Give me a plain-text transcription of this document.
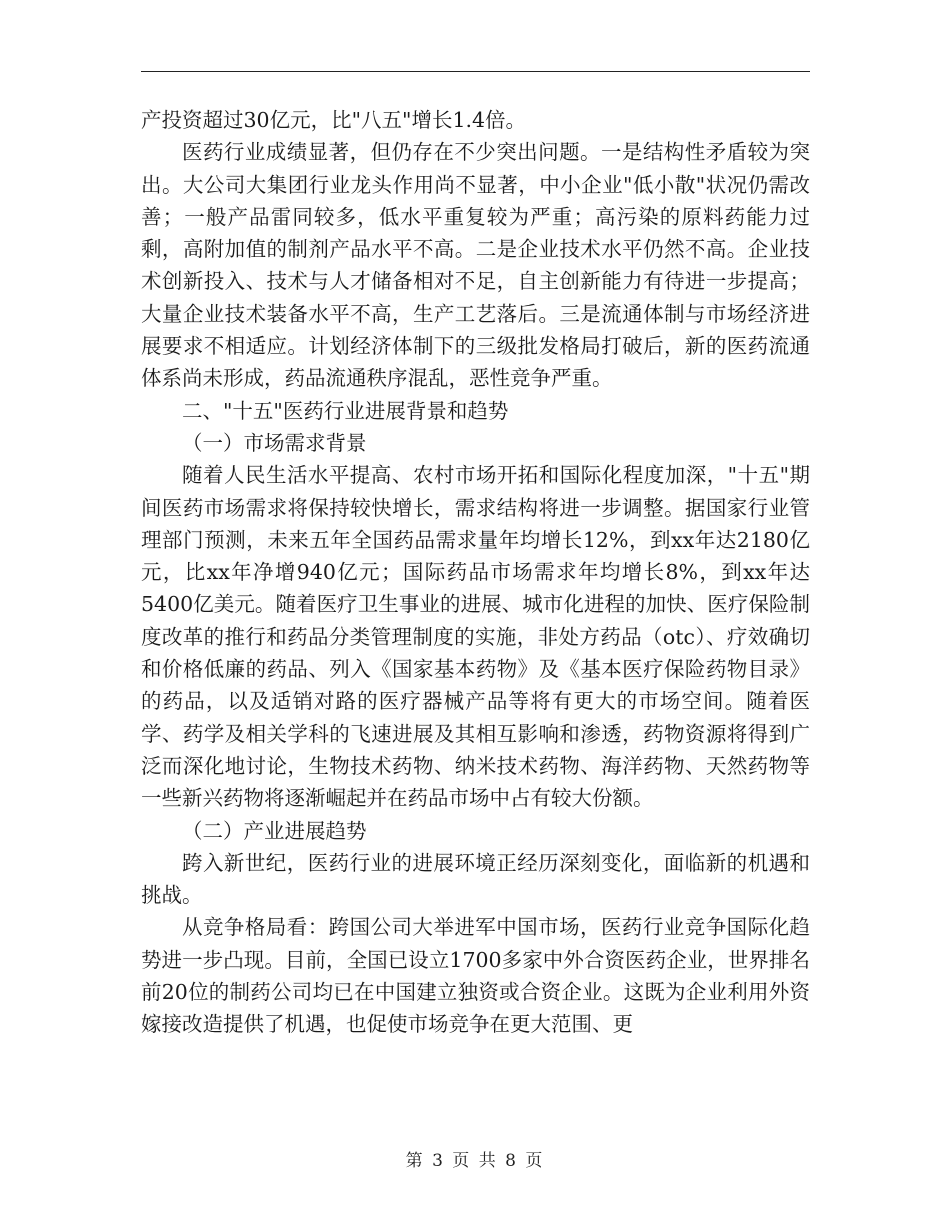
产投资超过30亿元，比"八五"增长1.4倍。

医药行业成绩显著，但仍存在不少突出问题。一是结构性矛盾较为突出。大公司大集团行业龙头作用尚不显著，中小企业"低小散"状况仍需改善；一般产品雷同较多，低水平重复较为严重；高污染的原料药能力过剩，高附加值的制剂产品水平不高。二是企业技术水平仍然不高。企业技术创新投入、技术与人才储备相对不足，自主创新能力有待进一步提高；大量企业技术装备水平不高，生产工艺落后。三是流通体制与市场经济进展要求不相适应。计划经济体制下的三级批发格局打破后，新的医药流通体系尚未形成，药品流通秩序混乱，恶性竞争严重。

二、"十五"医药行业进展背景和趋势

（一）市场需求背景

随着人民生活水平提高、农村市场开拓和国际化程度加深，"十五"期间医药市场需求将保持较快增长，需求结构将进一步调整。据国家行业管理部门预测，未来五年全国药品需求量年均增长12%，到xx年达2180亿元，比xx年净增940亿元；国际药品市场需求年均增长8%，到xx年达5400亿美元。随着医疗卫生事业的进展、城市化进程的加快、医疗保险制度改革的推行和药品分类管理制度的实施，非处方药品（otc）、疗效确切和价格低廉的药品、列入《国家基本药物》及《基本医疗保险药物目录》的药品，以及适销对路的医疗器械产品等将有更大的市场空间。随着医学、药学及相关学科的飞速进展及其相互影响和渗透，药物资源将得到广泛而深化地讨论，生物技术药物、纳米技术药物、海洋药物、天然药物等一些新兴药物将逐渐崛起并在药品市场中占有较大份额。

（二）产业进展趋势

跨入新世纪，医药行业的进展环境正经历深刻变化，面临新的机遇和挑战。

从竞争格局看：跨国公司大举进军中国市场，医药行业竞争国际化趋势进一步凸现。目前，全国已设立1700多家中外合资医药企业，世界排名前20位的制药公司均已在中国建立独资或合资企业。这既为企业利用外资嫁接改造提供了机遇，也促使市场竞争在更大范围、更

第 3 页 共 8 页
